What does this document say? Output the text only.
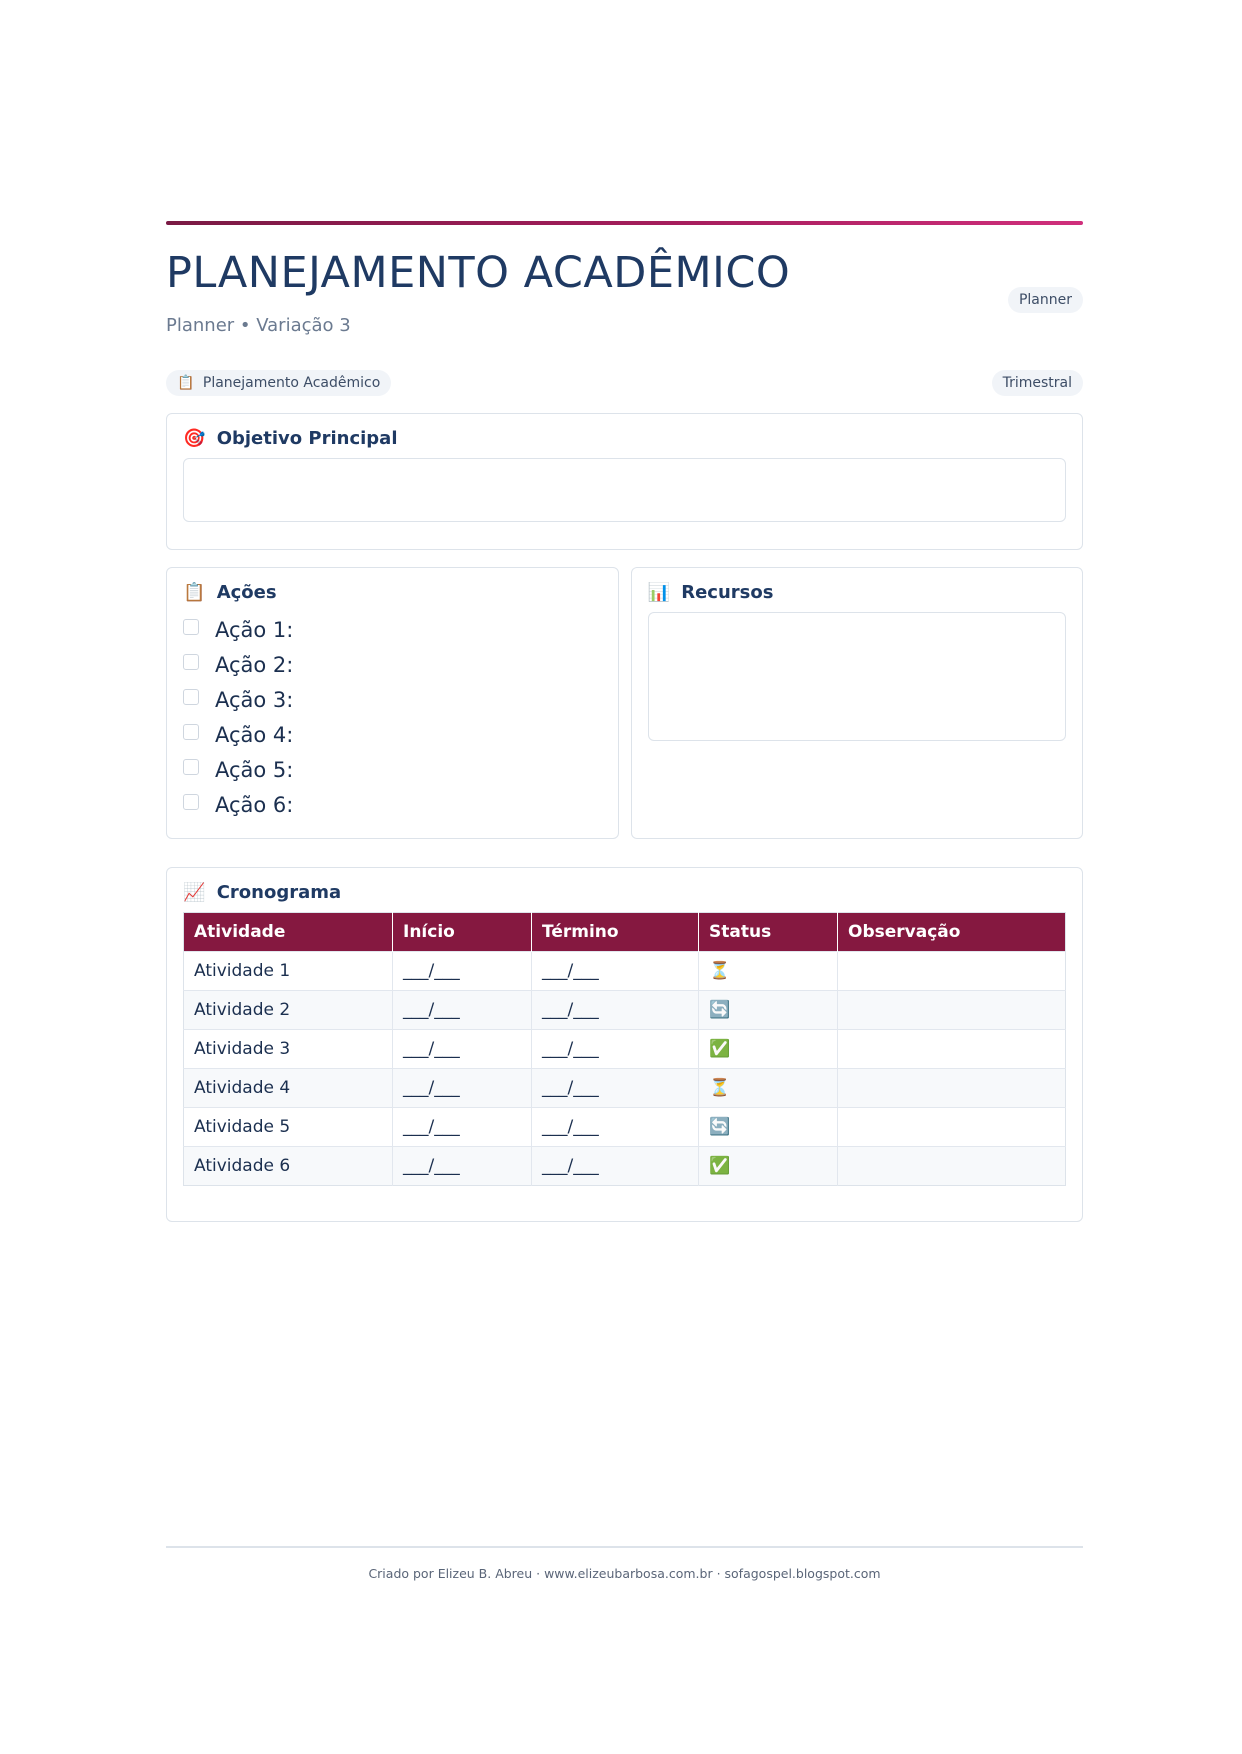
PLANEJAMENTO ACADÊMICO
Planner • Variação 3
Planner
📋 Planejamento Acadêmico	Trimestral
🎯 Objetivo Principal
📋 Ações
Ação 1:
Ação 2:
Ação 3:
Ação 4:
Ação 5:
Ação 6:
📊 Recursos
📈 Cronograma
Atividade	Início	Término	Status	Observação
Atividade 1	___/___	___/___	⏳	
Atividade 2	___/___	___/___	🔄	
Atividade 3	___/___	___/___	✅	
Atividade 4	___/___	___/___	⏳	
Atividade 5	___/___	___/___	🔄	
Atividade 6	___/___	___/___	✅	
Criado por Elizeu B. Abreu · www.elizeubarbosa.com.br · sofagospel.blogspot.com
